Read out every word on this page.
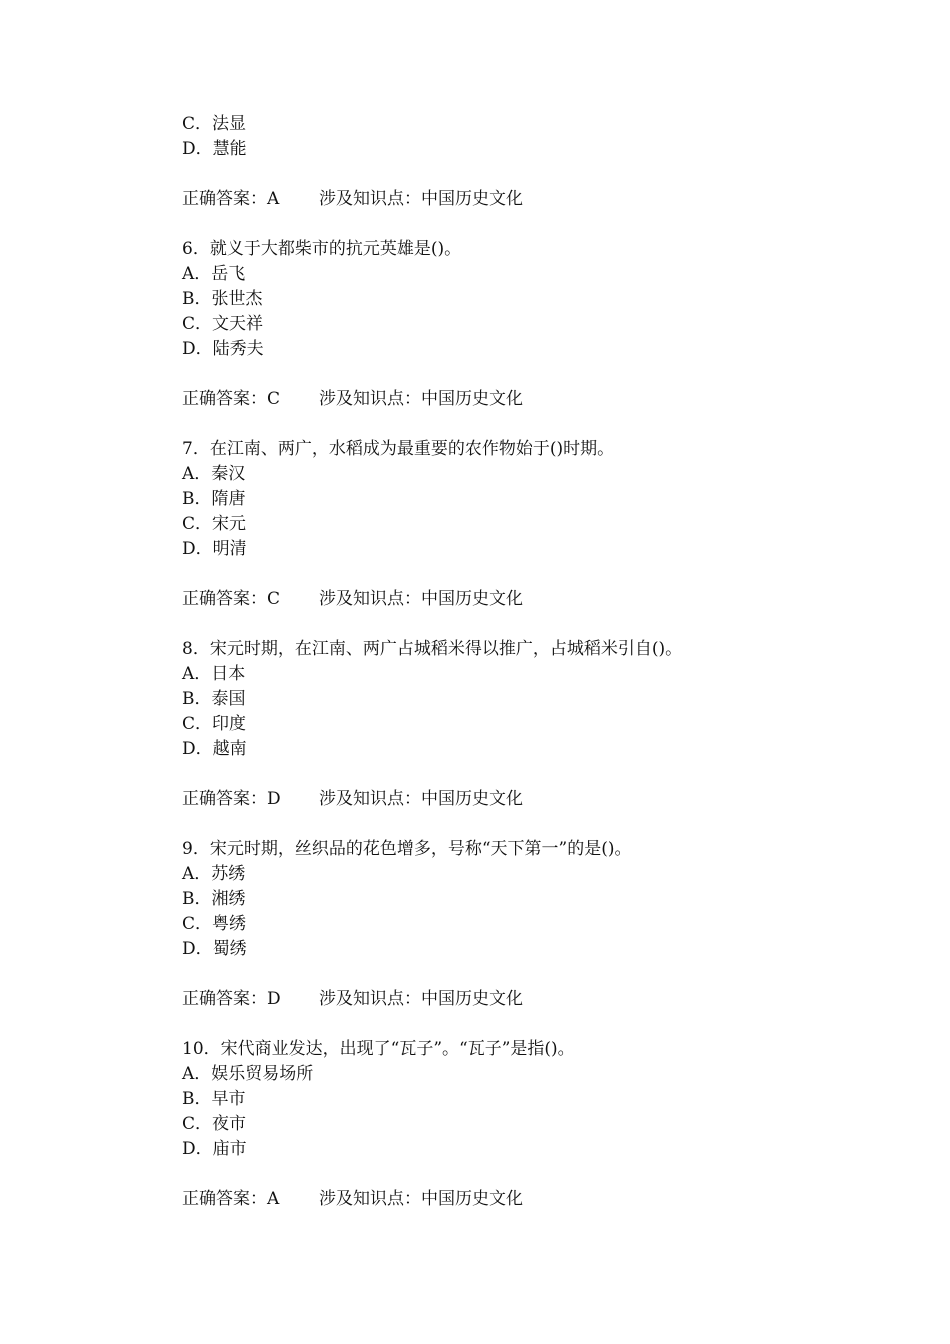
C．法显
D．慧能
正确答案：A	涉及知识点：中国历史文化
6．就义于大都柴市的抗元英雄是()。
A．岳飞
B．张世杰
C．文天祥
D．陆秀夫
正确答案：C	涉及知识点：中国历史文化
7．在江南、两广，水稻成为最重要的农作物始于()时期。
A．秦汉
B．隋唐
C．宋元
D．明清
正确答案：C	涉及知识点：中国历史文化
8．宋元时期，在江南、两广占城稻米得以推广，占城稻米引自()。
A．日本
B．泰国
C．印度
D．越南
正确答案：D	涉及知识点：中国历史文化
9．宋元时期，丝织品的花色增多，号称“天下第一”的是()。
A．苏绣
B．湘绣
C．粤绣
D．蜀绣
正确答案：D	涉及知识点：中国历史文化
10．宋代商业发达，出现了“瓦子”。“瓦子”是指()。
A．娱乐贸易场所
B．早市
C．夜市
D．庙市
正确答案：A	涉及知识点：中国历史文化
